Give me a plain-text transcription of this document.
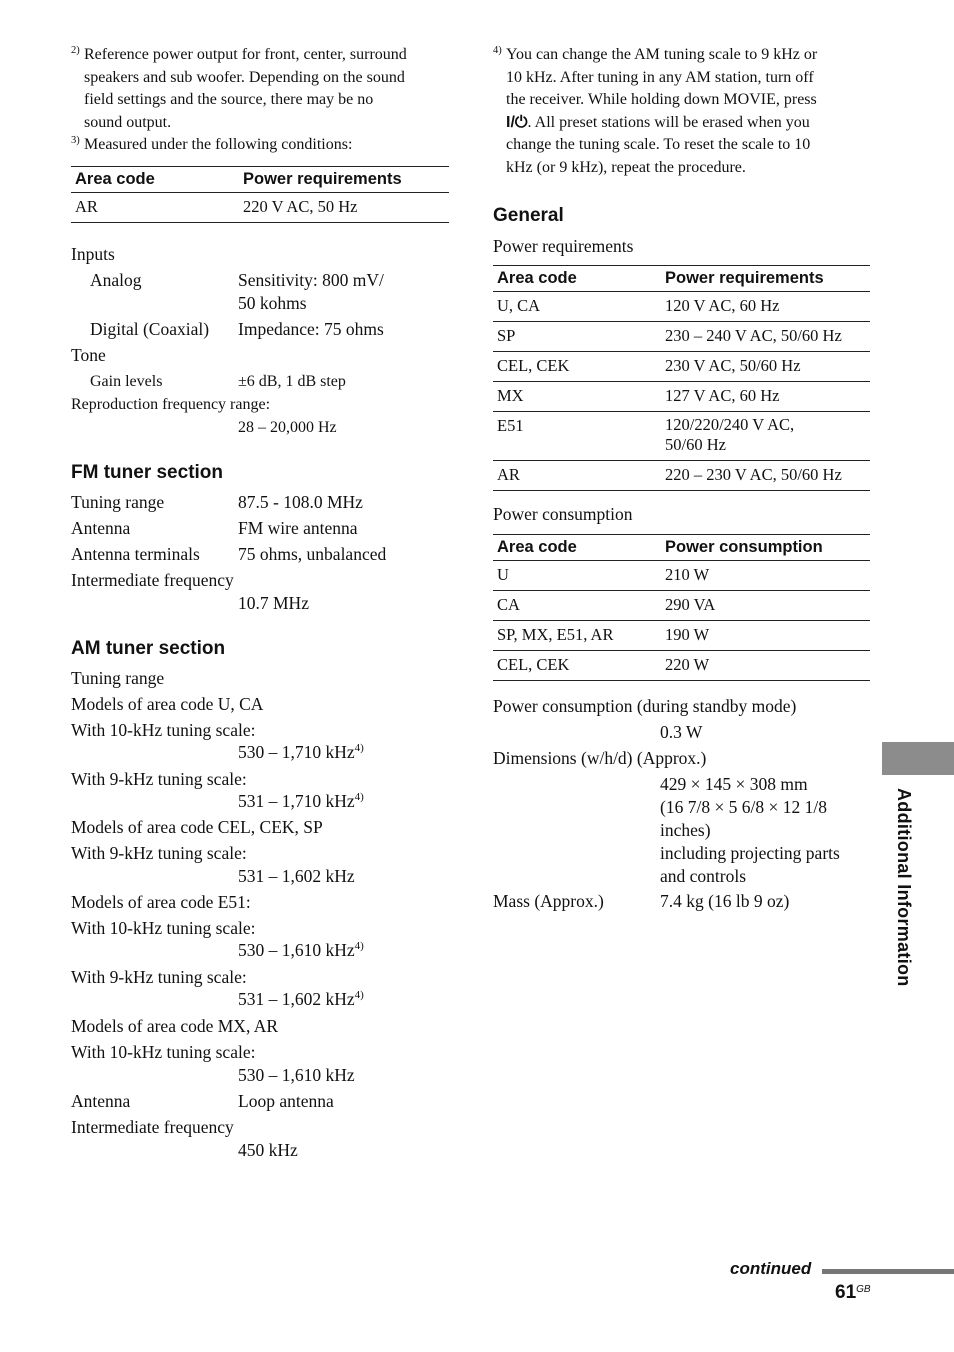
2) Reference power output for front, center, surround
speakers and sub woofer. Depending on the sound
field settings and the source, there may be no
sound output.
3) Measured under the following conditions:
Area code	Power requirements
AR	220 V AC, 50 Hz
Inputs
Analog	Sensitivity: 800 mV/
50 kohms
Digital (Coaxial) Impedance: 75 ohms
Tone
Gain levels	±6 dB, 1 dB step
Reproduction frequency range:
28 – 20,000 Hz
FM tuner section
Tuning range	87.5 - 108.0 MHz
Antenna	FM wire antenna
Antenna terminals 75 ohms, unbalanced
Intermediate frequency
10.7 MHz
AM tuner section
Tuning range
Models of area code U, CA
With 10-kHz tuning scale:
530 – 1,710 kHz$^{4)}$
With 9-kHz tuning scale:
531 – 1,710 kHz$^{4)}$
Models of area code CEL, CEK, SP
With 9-kHz tuning scale:
531 – 1,602 kHz
Models of area code E51:
With 10-kHz tuning scale:
530 – 1,610 kHz$^{4)}$
With 9-kHz tuning scale:
531 – 1,602 kHz$^{4)}$
Models of area code MX, AR
With 10-kHz tuning scale:
530 – 1,610 kHz
Antenna	Loop antenna
Intermediate frequency
450 kHz
4) You can change the AM tuning scale to 9 kHz or
10 kHz. After tuning in any AM station, turn off
the receiver. While holding down MOVIE, press
I/⏻. All preset stations will be erased when you
change the tuning scale. To reset the scale to 10
kHz (or 9 kHz), repeat the procedure.
General
Power requirements
Area code	Power requirements
U, CA	120 V AC, 60 Hz
SP	230 – 240 V AC, 50/60 Hz
CEL, CEK	230 V AC, 50/60 Hz
MX	127 V AC, 60 Hz
E51	120/220/240 V AC,
50/60 Hz
AR	220 – 230 V AC, 50/60 Hz
Power consumption
Area code	Power consumption
U	210 W
CA	290 VA
SP, MX, E51, AR	190 W
CEL, CEK	220 W
Power consumption (during standby mode)
0.3 W
Dimensions (w/h/d) (Approx.)
429 × 145 × 308 mm
(16 7/8 × 5 6/8 × 12 1/8
inches)
including projecting parts
and controls
Mass (Approx.)	7.4 kg (16 lb 9 oz)	Additional Information
continued
$61^{GB}$
